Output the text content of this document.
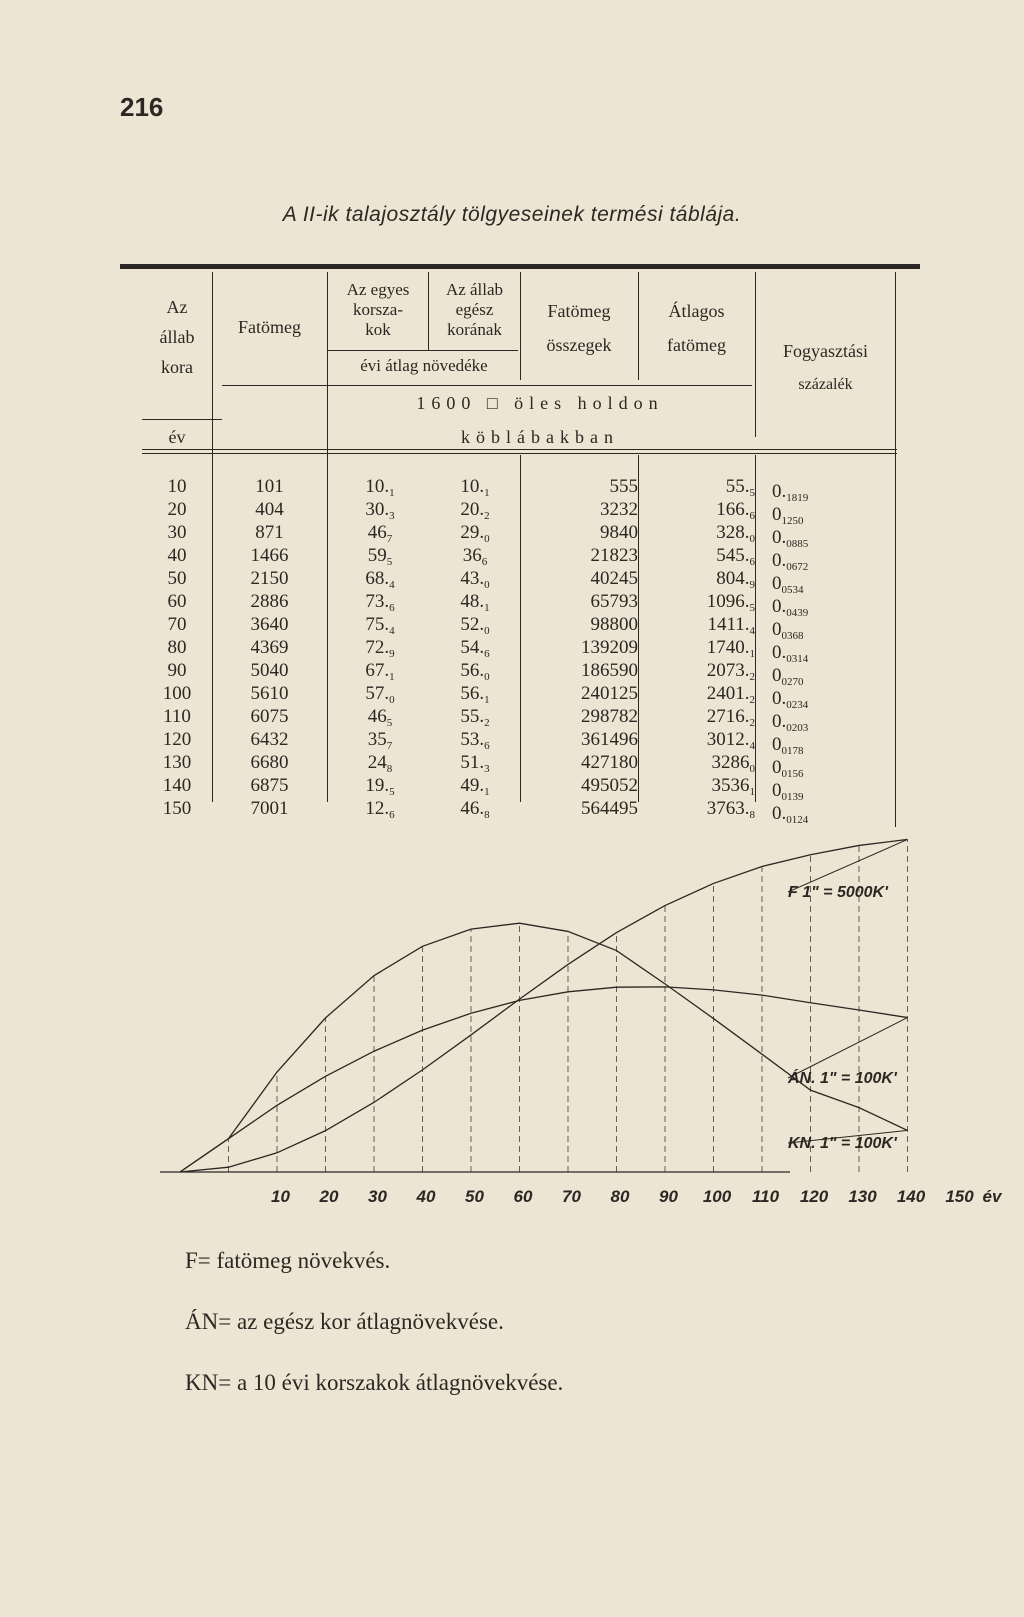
216
A II-ik talajosztály tölgyeseinek termési táblája.
Az
állab
kora
év
Fatömeg
Az egyes
korsza-
kok
Az állab
egész
korának
évi átlag növedéke
Fatömeg
összegek
Átlagos
fatömeg	Fogyasztási
százalék
1600 □ öles holdon
köblábakban
10
20
30
40
50
60
70
80
90
100
110
120
130
140
150
101
404
871
1466
2150
2886
3640
4369
5040
5610
6075
6432
6680
6875
7001
$10._1$
$30._3$
$46_7$
$59_5$
$68._4$
$73._6$
$75._4$
$72._9$
$67._1$
$57._0$
$46_5$
$35_7$
$24_8$
$19._5$
$12._6$
$10._1$
$20._2$
$29._0$
$36_6$
$43._0$
$48._1$
$52._0$
$54._6$
$56._0$
$56._1$
$55._2$
$53._6$
$51._3$
$49._1$
$46._8$
555
3232
9840
21823
40245
65793
98800
139209
186590
240125
298782
361496
427180
495052
564495
$55._5$
$166._6$
$328._0$
$545._6$
$804._9$
$1096._5$
$1411._4$
$1740._1$
$2073._2$
$2401._2$
$2716._2$
$3012._4$
$3286_0$
$3536_1$
$3763._8$
$0._{1819}$
$0_{1250}$
$0._{0885}$
$0._{0672}$
$0_{0534}$
$0._{0439}$
$0_{0368}$
$0._{0314}$
$0_{0270}$
$0._{0234}$
$0._{0203}$
$0_{0178}$
$0_{0156}$
$0_{0139}$
$0._{0124}$
F 1" = 5000K'
ÁN. 1" = 100K'
KN. 1" = 100K'
10 20 30 40 50 60 70 80 90 100 110 120 130 140 150 év
F= fatömeg növekvés.
ÁN= az egész kor átlagnövekvése.
KN= a 10 évi korszakok átlagnövekvése.
